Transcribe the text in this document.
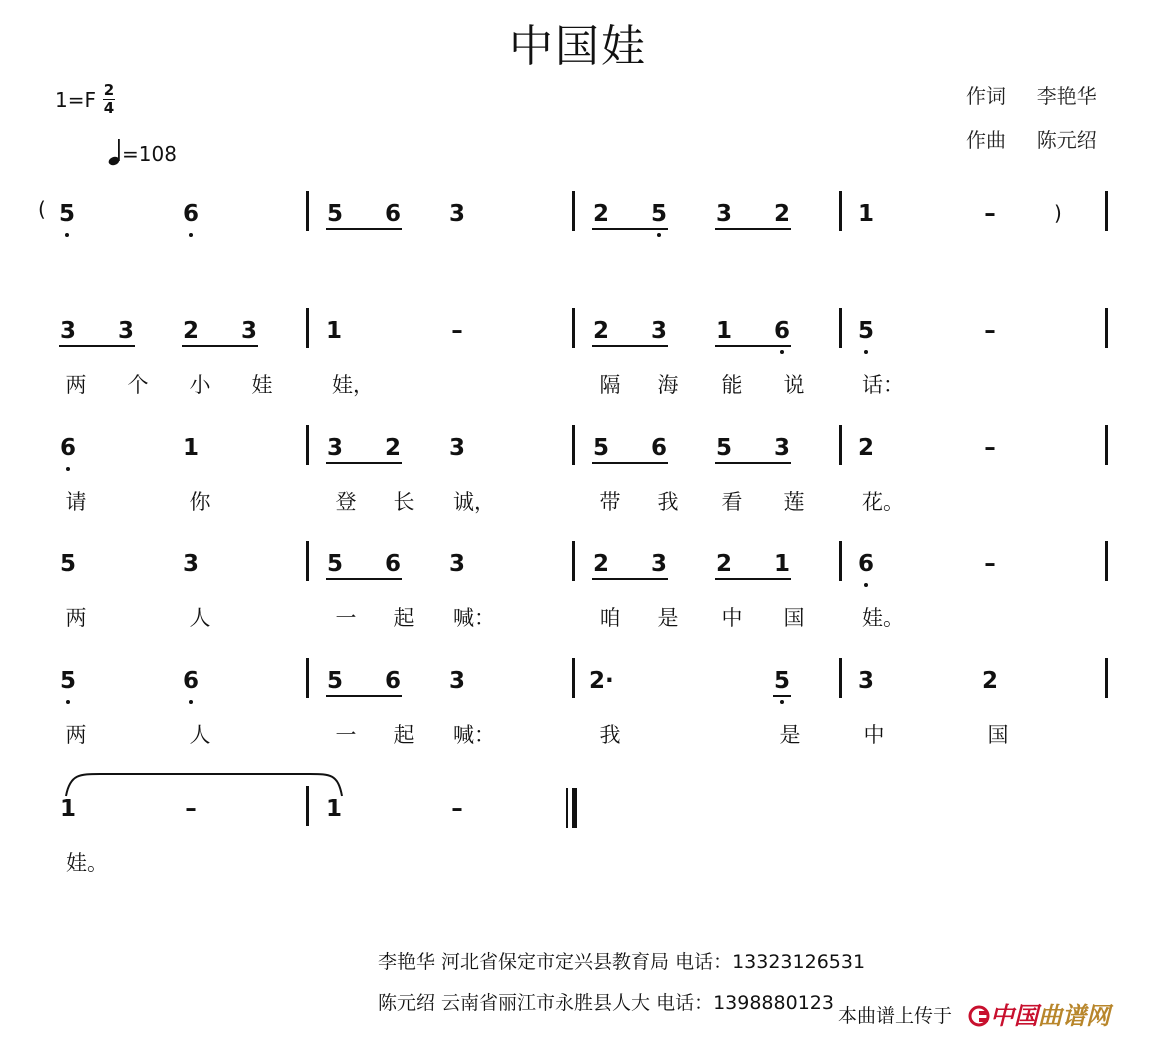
中国娃
1=F 2
4
=108
作词 李艳华
作曲 陈元绍
5	6	5 6 3	2 5 3 2	1	–
3 3 2 3	1	–	2 3 1 6	5	–
两 个 小 娃	娃，	隔 海 能 说	话：
6	1	3 2 3	5 6 5 3	2	–
请	你	登 长 诚，	带 我 看 莲	花。
5	3	5 6 3	2 3 2 1	6	–
两	人	一 起 喊：	咱 是 中 国	娃。
5	6	5 6 3	2·	5	3	2
两	人	一 起 喊：	我	是	中	国
1	–	1	–
娃。
(	)
李艳华 河北省保定市定兴县教育局 电话：13323126531
陈元绍 云南省丽江市永胜县人大 电话：1398880123
本曲谱上传于	中国曲谱网
